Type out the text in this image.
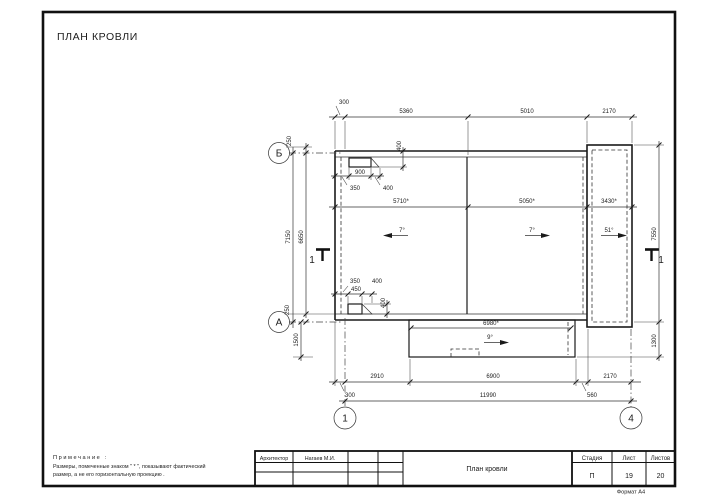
ПЛАН КРОВЛИ
Б
А
1	4
1	1
7°	7°	51°
9°
300
5360	5010	2170
5710*	5050*	3430*
250
7150 6650
250
1500
7550
1300
6980*
900
350	400
400
350 400
450
400
300
2910	6900
560
2170
11990
Примечание :
Размеры, помеченные знаком " * ", показывают фактический
размер, а не его горизонтальную проекцию .
Архитектор	Нагаев М.И.
План кровли
Стадия	Лист	Листов
П	19	20
Формат А4
